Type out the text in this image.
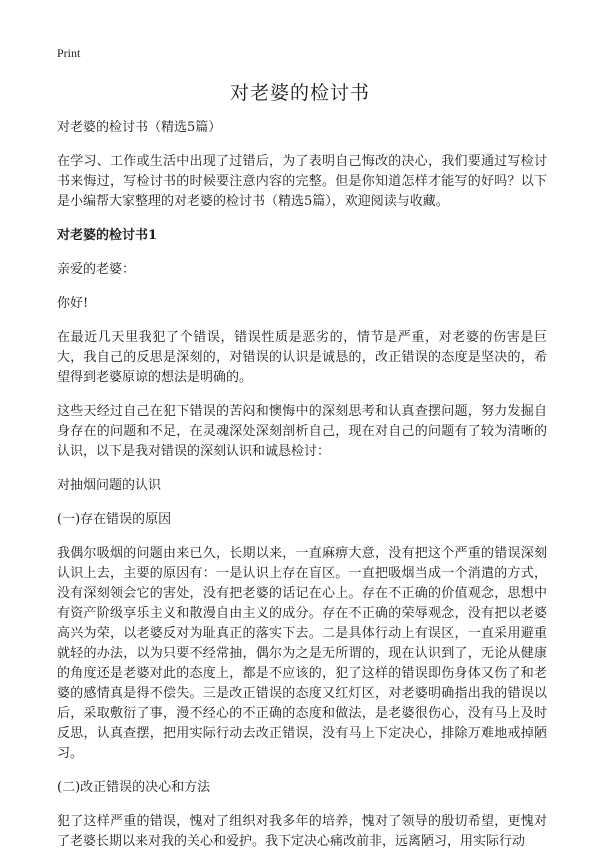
Print
对老婆的检讨书

对老婆的检讨书（精选5篇）

在学习、工作或生活中出现了过错后，为了表明自己悔改的决心，我们要通过写检讨书来悔过，写检讨书的时候要注意内容的完整。但是你知道怎样才能写的好吗？以下是小编帮大家整理的对老婆的检讨书（精选5篇），欢迎阅读与收藏。

对老婆的检讨书1

亲爱的老婆：

你好!

在最近几天里我犯了个错误，错误性质是恶劣的，情节是严重，对老婆的伤害是巨大，我自己的反思是深刻的，对错误的认识是诚恳的，改正错误的态度是坚决的，希望得到老婆原谅的想法是明确的。

这些天经过自己在犯下错误的苦闷和懊悔中的深刻思考和认真查摆问题，努力发掘自身存在的问题和不足，在灵魂深处深刻剖析自己，现在对自己的问题有了较为清晰的认识，以下是我对错误的深刻认识和诚恳检讨：

对抽烟问题的认识

(一)存在错误的原因

我偶尔吸烟的问题由来已久，长期以来，一直麻痹大意，没有把这个严重的错误深刻认识上去，主要的原因有：一是认识上存在盲区。一直把吸烟当成一个消遣的方式，没有深刻领会它的害处，没有把老婆的话记在心上。存在不正确的价值观念，思想中有资产阶级享乐主义和散漫自由主义的成分。存在不正确的荣辱观念，没有把以老婆高兴为荣，以老婆反对为耻真正的落实下去。二是具体行动上有误区，一直采用避重就轻的办法，以为只要不经常抽，偶尔为之是无所谓的，现在认识到了，无论从健康的角度还是老婆对此的态度上，都是不应该的，犯了这样的错误即伤身体又伤了和老婆的感情真是得不偿失。三是改正错误的态度又红灯区，对老婆明确指出我的错误以后，采取敷衍了事，漫不经心的不正确的态度和做法，是老婆很伤心，没有马上及时反思，认真查摆，把用实际行动去改正错误，没有马上下定决心，排除万难地戒掉陋习。

(二)改正错误的决心和方法

犯了这样严重的错误，愧对了组织对我多年的培养，愧对了领导的殷切希望，更愧对了老婆长期以来对我的关心和爱护。我下定决心痛改前非，远离陋习，用实际行动
